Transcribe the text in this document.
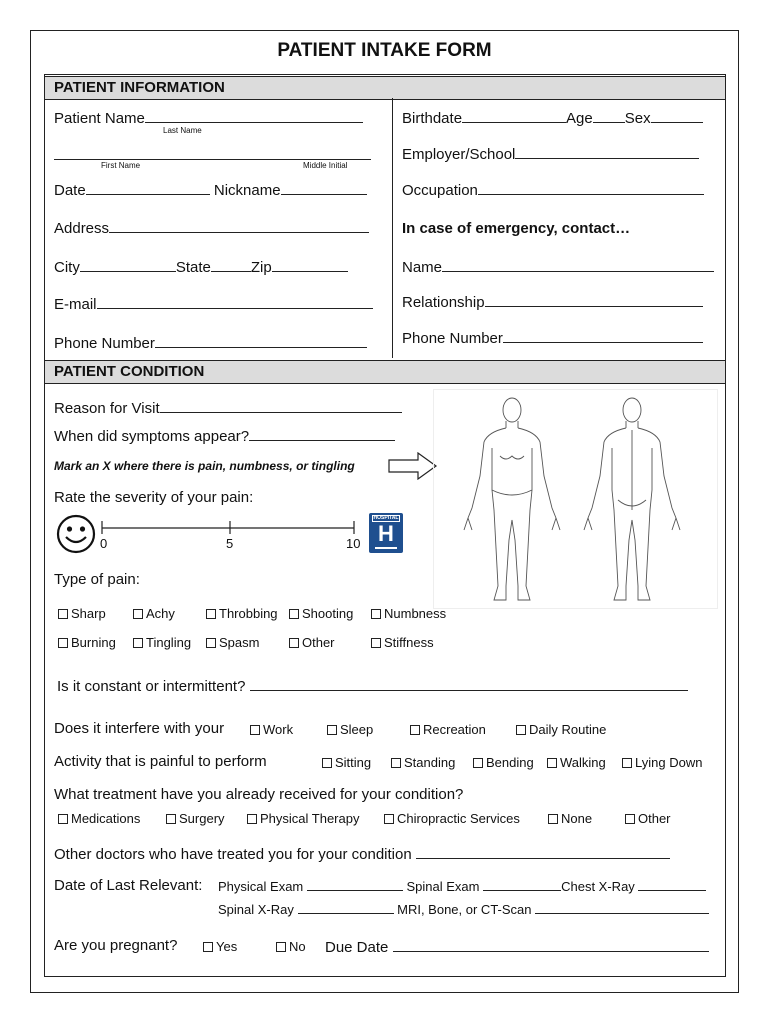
PATIENT INTAKE FORM
PATIENT INFORMATION
Patient Name
Last Name
First Name	Middle Initial
Date	Nickname
Address
City	State	Zip
E-mail
Phone Number
Birthdate	Age Sex
Employer/School
Occupation
In case of emergency, contact…
Name
Relationship
Phone Number
PATIENT CONDITION
Reason for Visit
When did symptoms appear?
Mark an X where there is pain, numbness, or tingling
Rate the severity of your pain:
0	5	10
HOSPITAL
H
Type of pain:
Sharp	Achy	Throbbing	Shooting	Numbness
Burning	Tingling	Spasm	Other	Stiffness
Is it constant or intermittent?
Does it interfere with your	Work	Sleep	Recreation	Daily Routine
Activity that is painful to perform	Sitting	Standing	Bending	Walking	Lying Down
What treatment have you already received for your condition?
Medications	Surgery	Physical Therapy	Chiropractic Services	None	Other
Other doctors who have treated you for your condition
Date of Last Relevant: Physical Exam	Spinal Exam	Chest X-Ray
Spinal X-Ray	MRI, Bone, or CT-Scan
Are you pregnant?	Yes	No Due Date
